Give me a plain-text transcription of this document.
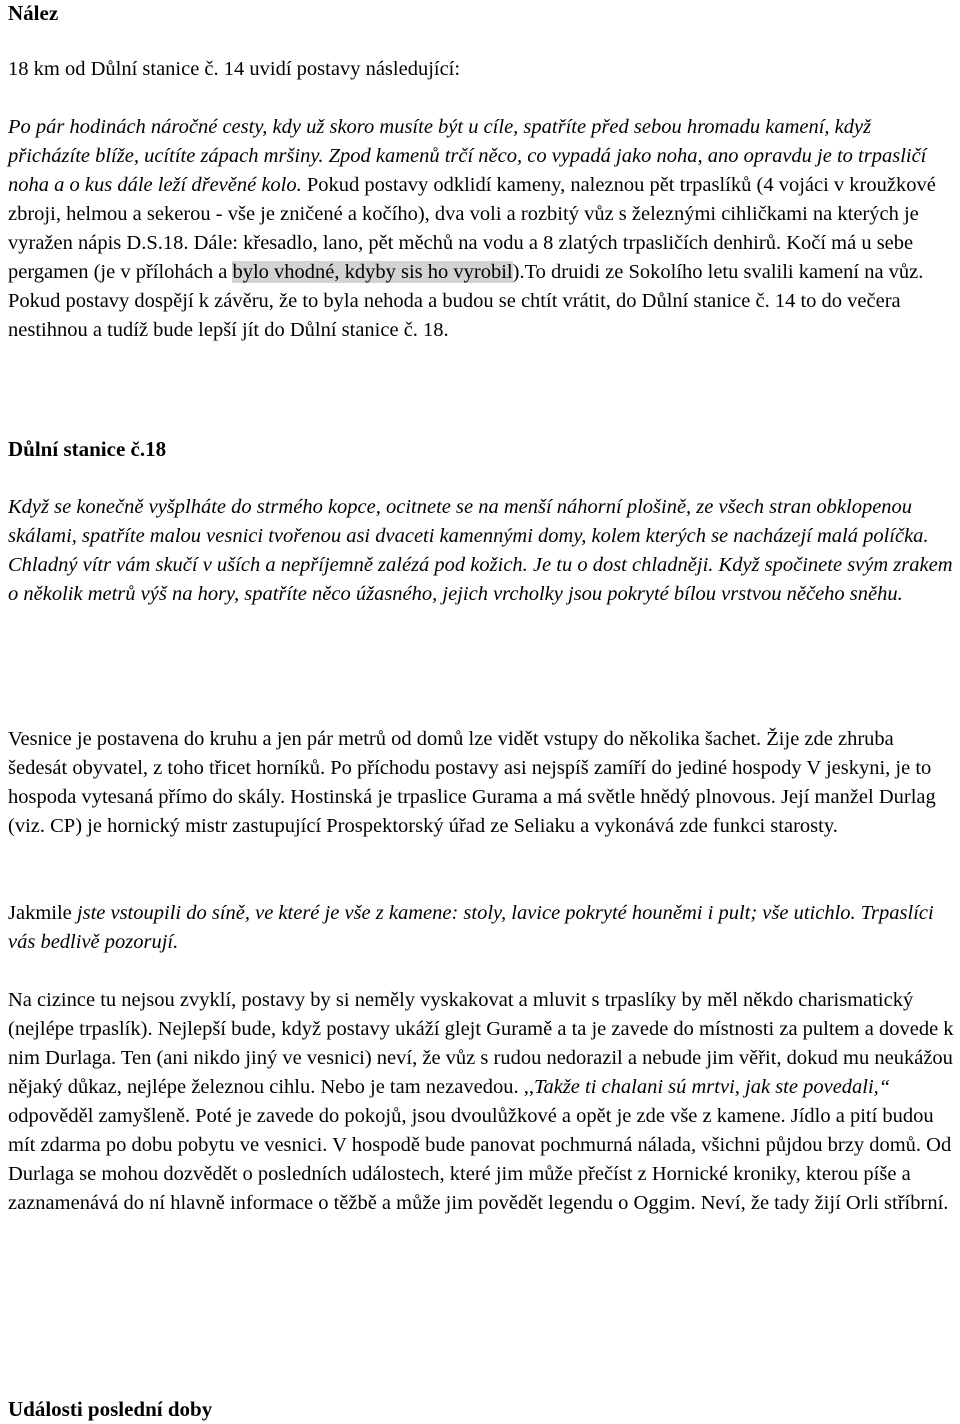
Nález

18 km od Důlní stanice č. 14 uvidí postavy následující:

Po pár hodinách náročné cesty, kdy už skoro musíte být u cíle, spatříte před sebou hromadu kamení, když přicházíte blíže, ucítíte zápach mršiny. Zpod kamenů trčí něco, co vypadá jako noha, ano opravdu je to trpasličí noha a o kus dále leží dřevěné kolo. Pokud postavy odklidí kameny, naleznou pět trpaslíků (4 vojáci v kroužkové zbroji, helmou a sekerou - vše je zničené a kočího), dva voli a rozbitý vůz s železnými cihličkami na kterých je vyražen nápis D.S.18. Dále: křesadlo, lano, pět měchů na vodu a 8 zlatých trpasličích denhirů. Kočí má u sebe pergamen (je v přílohách a bylo vhodné, kdyby sis ho vyrobil).To druidi ze Sokolího letu svalili kamení na vůz. Pokud postavy dospějí k závěru, že to byla nehoda a budou se chtít vrátit, do Důlní stanice č. 14 to do večera nestihnou a tudíž bude lepší jít do Důlní stanice č. 18.

Důlní stanice č.18

Když se konečně vyšplháte do strmého kopce, ocitnete se na menší náhorní plošině, ze všech stran obklopenou skálami, spatříte malou vesnici tvořenou asi dvaceti kamennými domy, kolem kterých se nacházejí malá políčka. Chladný vítr vám skučí v uších a nepříjemně zalézá pod kožich. Je tu o dost chladněji. Když spočinete svým zrakem o několik metrů výš na hory, spatříte něco úžasného, jejich vrcholky jsou pokryté bílou vrstvou něčeho sněhu.

Vesnice je postavena do kruhu a jen pár metrů od domů lze vidět vstupy do několika šachet. Žije zde zhruba šedesát obyvatel, z toho třicet horníků. Po příchodu postavy asi nejspíš zamíří do jediné hospody V jeskyni, je to hospoda vytesaná přímo do skály. Hostinská je trpaslice Gurama a má světle hnědý plnovous. Její manžel Durlag (viz. CP) je hornický mistr zastupující Prospektorský úřad ze Seliaku a vykonává zde funkci starosty.

Jakmile jste vstoupili do síně, ve které je vše z kamene: stoly, lavice pokryté houněmi i pult; vše utichlo. Trpaslíci vás bedlivě pozorují.

Na cizince tu nejsou zvyklí, postavy by si neměly vyskakovat a mluvit s trpaslíky by měl někdo charismatický (nejlépe trpaslík). Nejlepší bude, když postavy ukáží glejt Guramě a ta je zavede do místnosti za pultem a dovede k nim Durlaga. Ten (ani nikdo jiný ve vesnici) neví, že vůz s rudou nedorazil a nebude jim věřit, dokud mu neukážou nějaký důkaz, nejlépe železnou cihlu. Nebo je tam nezavedou. ,,Takže ti chalani sú mrtvi, jak ste povedali,“ odpověděl zamyšleně. Poté je zavede do pokojů, jsou dvoulůžkové a opět je zde vše z kamene. Jídlo a pití budou mít zdarma po dobu pobytu ve vesnici. V hospodě bude panovat pochmurná nálada, všichni půjdou brzy domů. Od Durlaga se mohou dozvědět o posledních událostech, které jim může přečíst z Hornické kroniky, kterou píše a zaznamenává do ní hlavně informace o těžbě a může jim povědět legendu o Oggim. Neví, že tady žijí Orli stříbrní.

Události poslední doby
